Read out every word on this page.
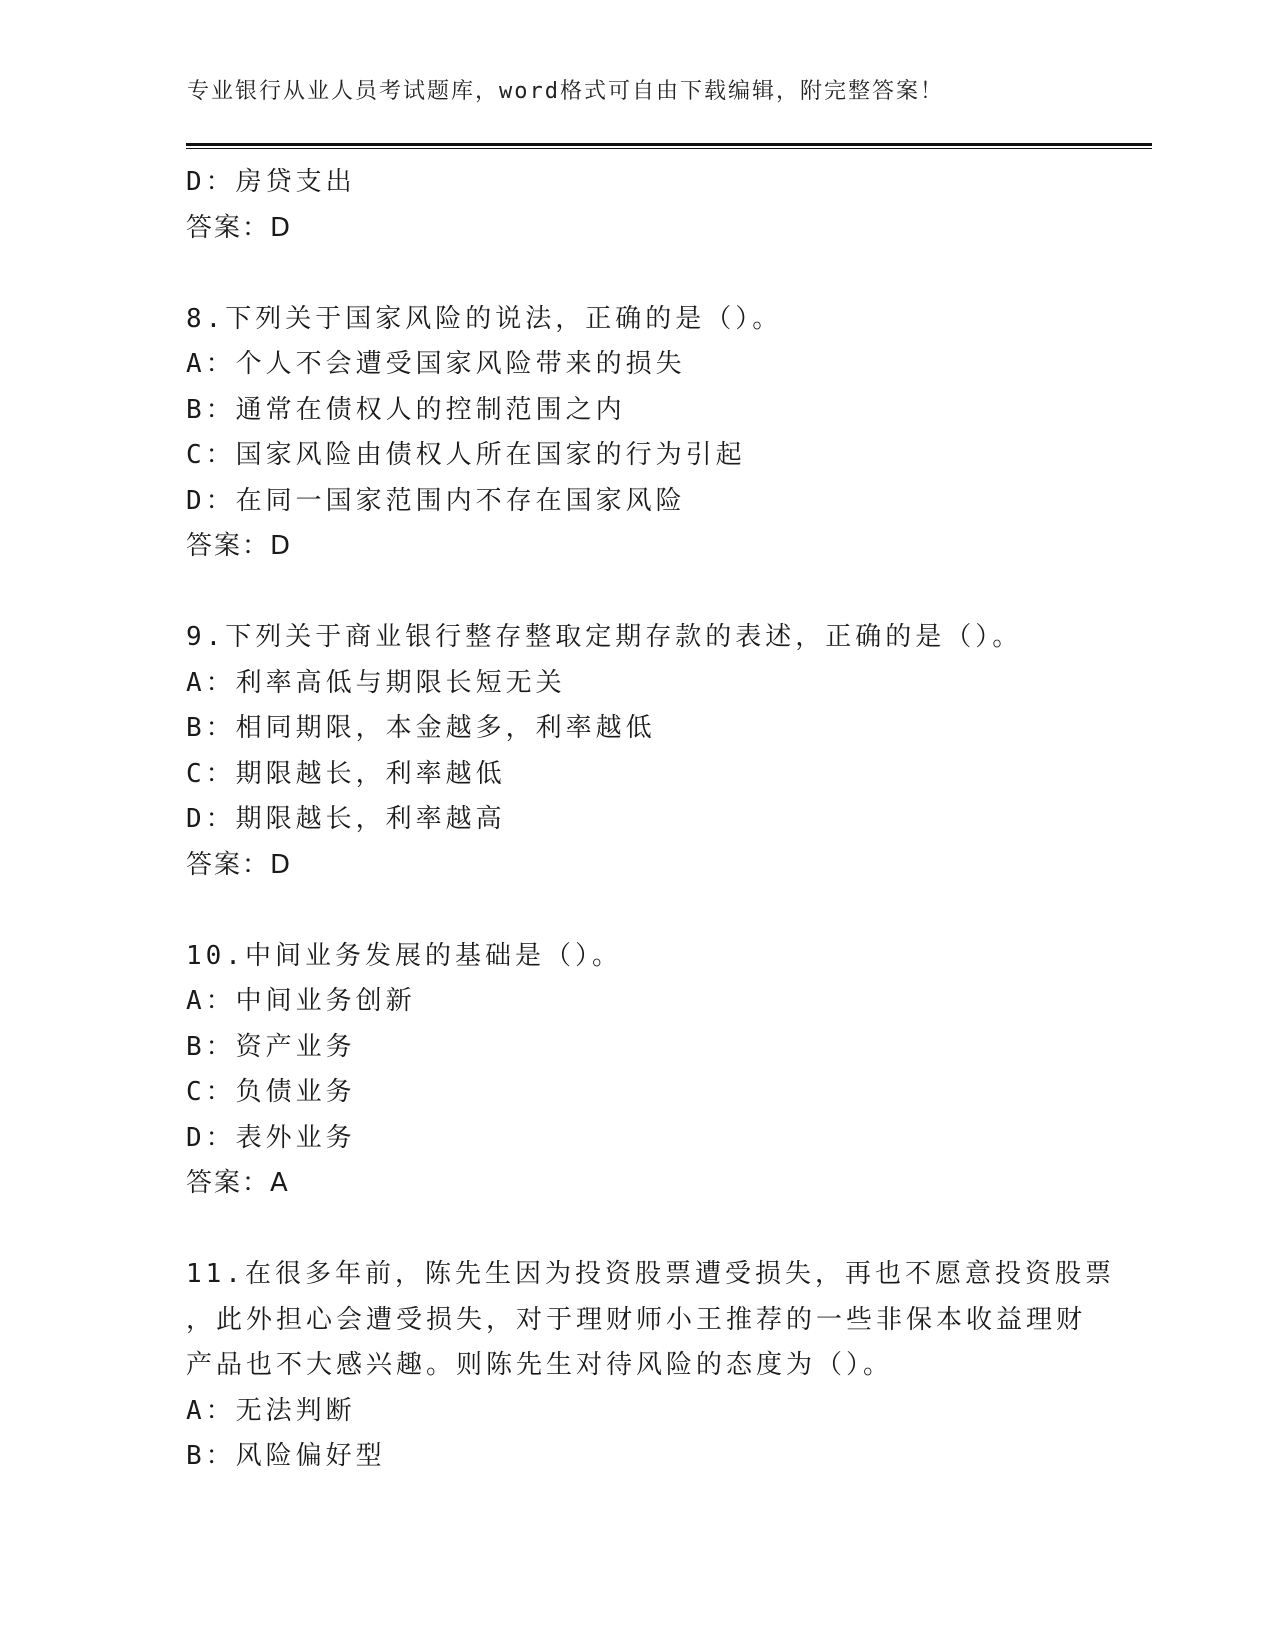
专业银行从业人员考试题库，word格式可自由下载编辑，附完整答案！
D：房贷支出
答案：D
8.下列关于国家风险的说法，正确的是（）。
A：个人不会遭受国家风险带来的损失
B：通常在债权人的控制范围之内
C：国家风险由债权人所在国家的行为引起
D：在同一国家范围内不存在国家风险
答案：D
9.下列关于商业银行整存整取定期存款的表述，正确的是（）。
A：利率高低与期限长短无关
B：相同期限，本金越多，利率越低
C：期限越长，利率越低
D：期限越长，利率越高
答案：D
10.中间业务发展的基础是（）。
A：中间业务创新
B：资产业务
C：负债业务
D：表外业务
答案：A
11.在很多年前，陈先生因为投资股票遭受损失，再也不愿意投资股票
，此外担心会遭受损失，对于理财师小王推荐的一些非保本收益理财
产品也不大感兴趣。则陈先生对待风险的态度为（）。
A：无法判断
B：风险偏好型
